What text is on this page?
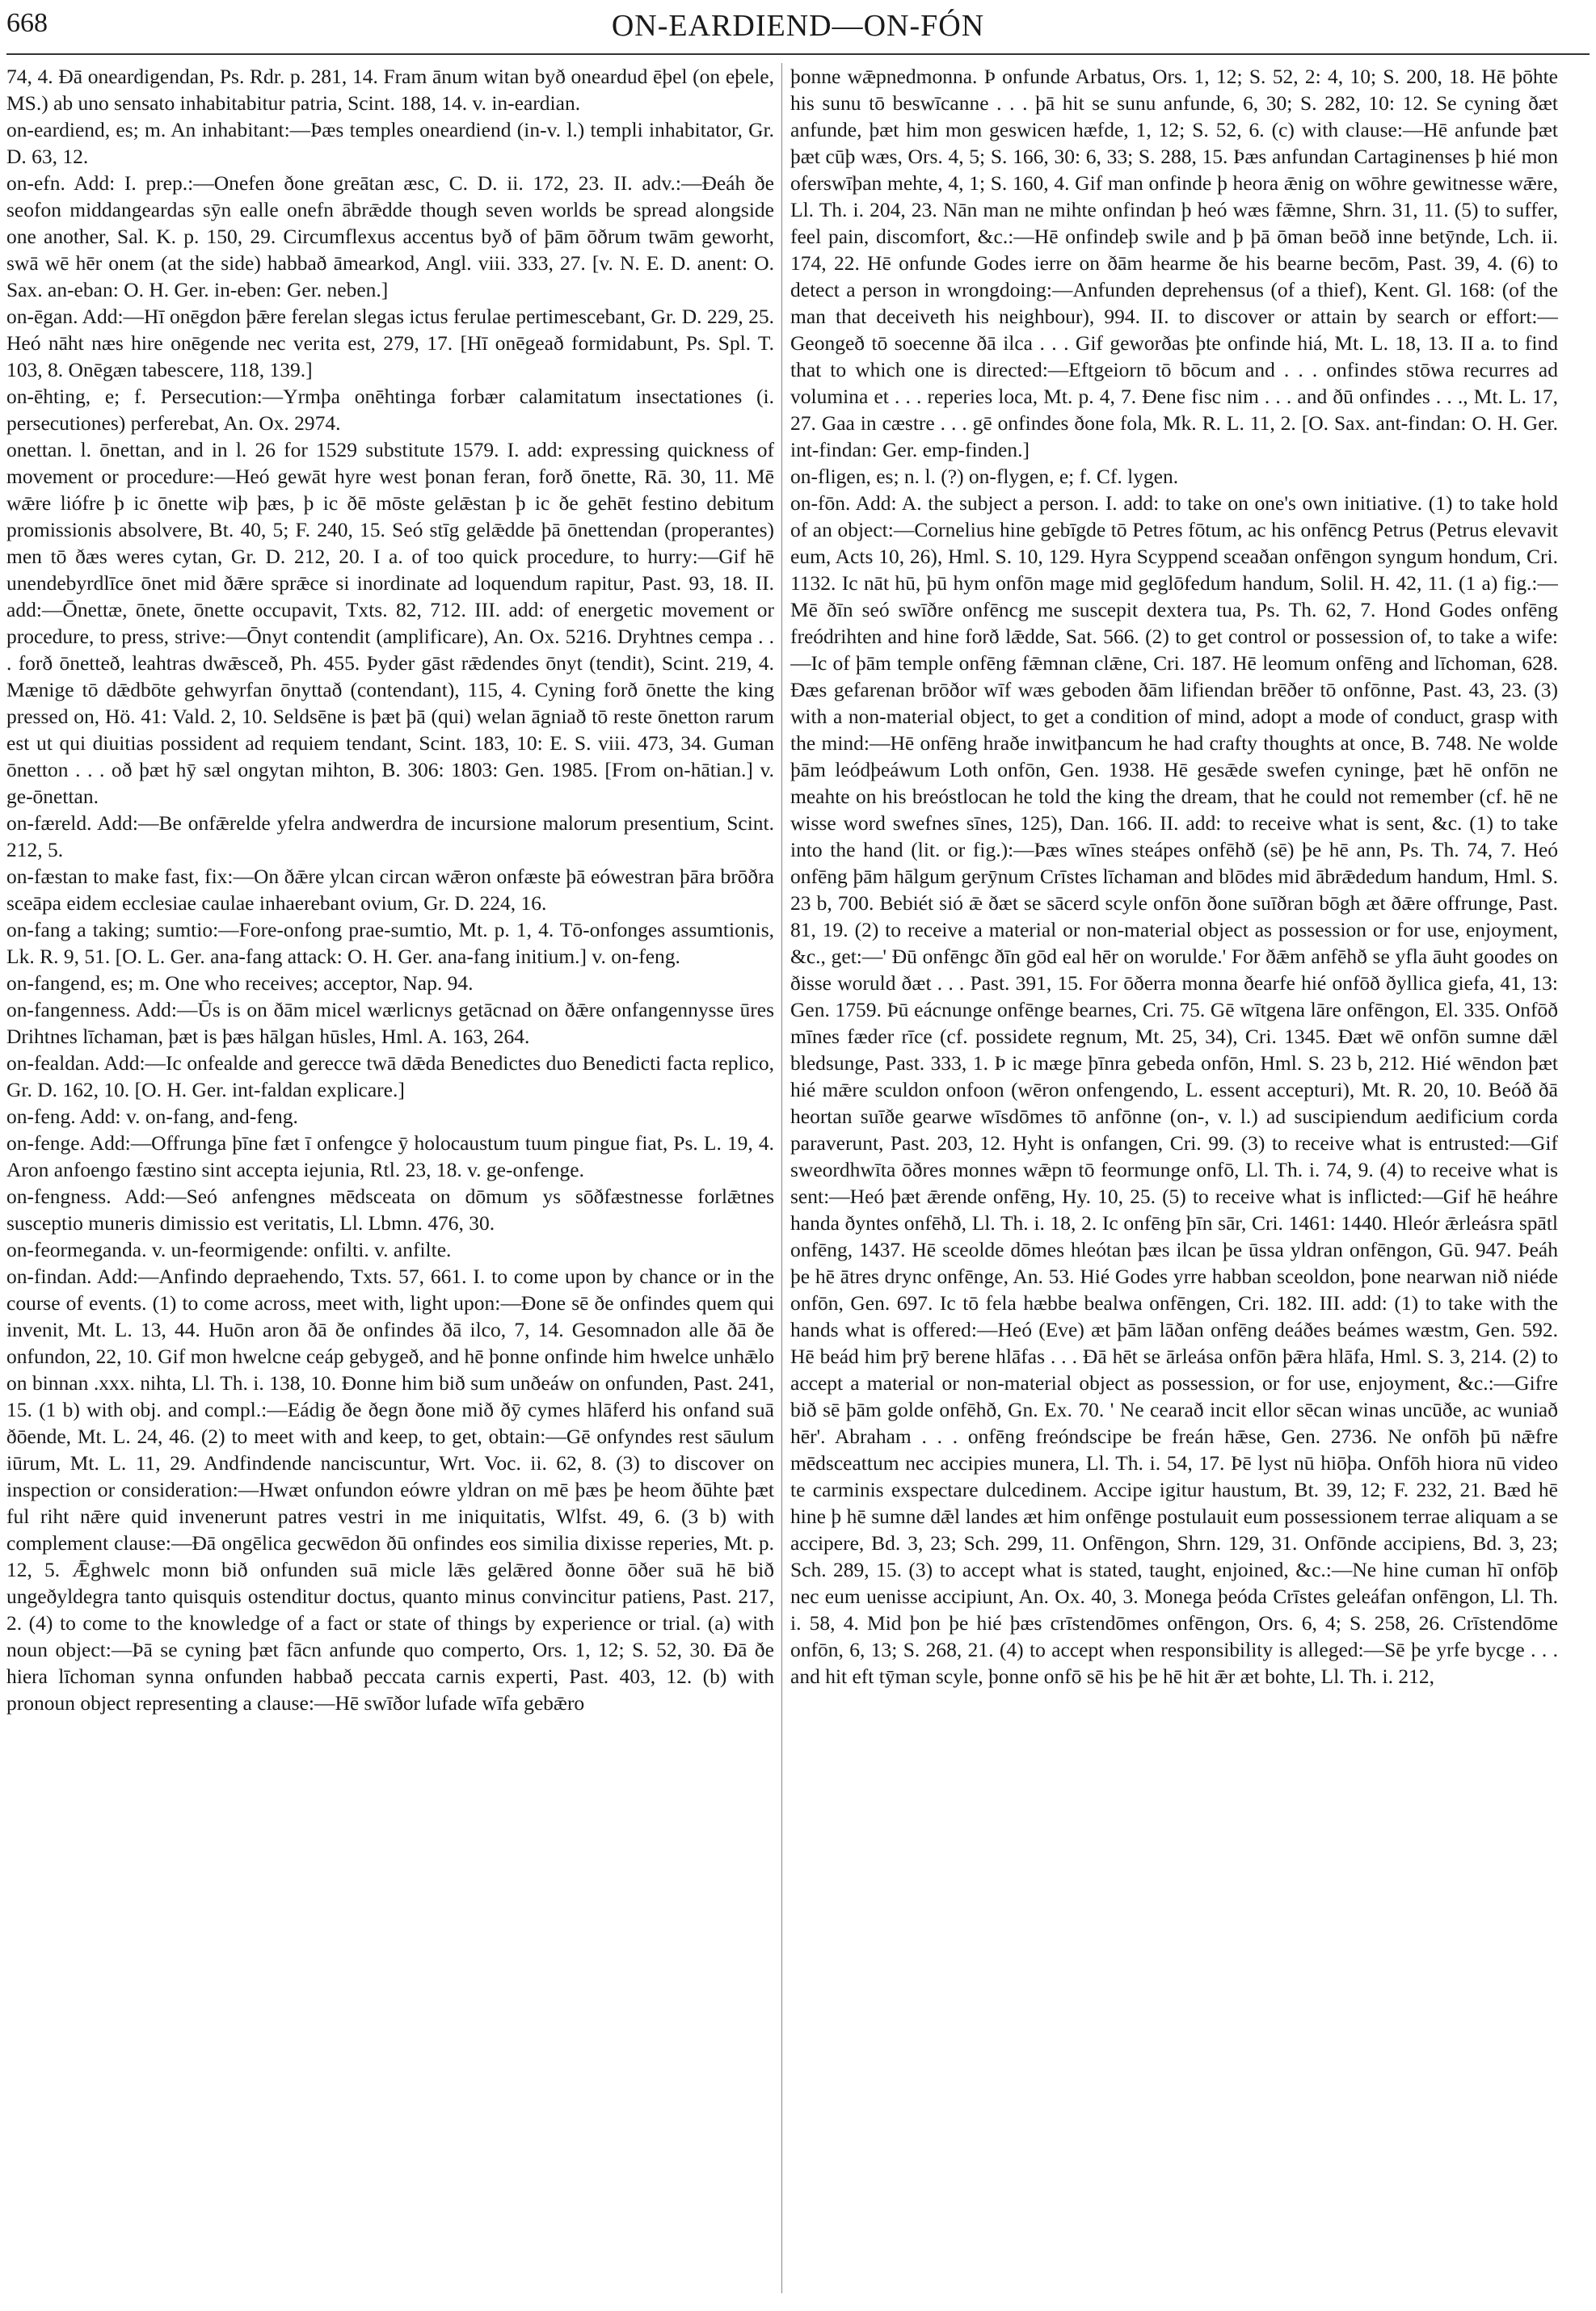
668	ON-EARDIEND—ON-FÓN

74, 4. Ðā oneardigendan, Ps. Rdr. p. 281, 14. Fram ānum witan byð oneardud ēþel (on eþele, MS.) ab uno sensato inhabitabitur patria, Scint. 188, 14. v. in-eardian.

on-eardiend, es; m. An inhabitant:—Þæs temples oneardiend (in-v. l.) templi inhabitator, Gr. D. 63, 12.

on-efn. Add: I. prep.:—Onefen ðone greātan æsc, C. D. ii. 172, 23. II. adv.:—Ðeáh ðe seofon middangeardas sȳn ealle onefn ābrǣdde though seven worlds be spread alongside one another, Sal. K. p. 150, 29. Circumflexus accentus byð of þām ōðrum twām geworht, swā wē hēr onem (at the side) habbað āmearkod, Angl. viii. 333, 27. [v. N. E. D. anent: O. Sax. an-eban: O. H. Ger. in-eben: Ger. neben.]

on-ēgan. Add:—Hī onēgdon þǣre ferelan slegas ictus ferulae pertimescebant, Gr. D. 229, 25. Heó nāht næs hire onēgende nec verita est, 279, 17. [Hī onēgeað formidabunt, Ps. Spl. T. 103, 8. Onēgæn tabescere, 118, 139.]

on-ēhting, e; f. Persecution:—Yrmþa onēhtinga forbær calamitatum insectationes (i. persecutiones) perferebat, An. Ox. 2974.

onettan. l. ōnettan, and in l. 26 for 1529 substitute 1579. I. add: expressing quickness of movement or procedure:—Heó gewāt hyre west þonan feran, forð ōnette, Rā. 30, 11. Mē wǣre liófre þ ic ōnette wiþ þæs, þ ic ðē mōste gelǣstan þ ic ðe gehēt festino debitum promissionis absolvere, Bt. 40, 5; F. 240, 15. Seó stīg gelǣdde þā ōnettendan (properantes) men tō ðæs weres cytan, Gr. D. 212, 20. I a. of too quick procedure, to hurry:—Gif hē unendebyrdlīce ōnet mid ðǣre sprǣce si inordinate ad loquendum rapitur, Past. 93, 18. II. add:—Ōnettæ, ōnete, ōnette occupavit, Txts. 82, 712. III. add: of energetic movement or procedure, to press, strive:—Ōnyt contendit (amplificare), An. Ox. 5216. Dryhtnes cempa . . . forð ōnetteð, leahtras dwǣsceð, Ph. 455. Þyder gāst rǣdendes ōnyt (tendit), Scint. 219, 4. Mænige tō dǣdbōte gehwyrfan ōnyttað (contendant), 115, 4. Cyning forð ōnette the king pressed on, Hö. 41: Vald. 2, 10. Seldsēne is þæt þā (qui) welan āgniað tō reste ōnetton rarum est ut qui diuitias possident ad requiem tendant, Scint. 183, 10: E. S. viii. 473, 34. Guman ōnetton . . . oð þæt hȳ sæl ongytan mihton, B. 306: 1803: Gen. 1985. [From on-hātian.] v. ge-ōnettan.

on-færeld. Add:—Be onfǣrelde yfelra andwerdra de incursione malorum presentium, Scint. 212, 5.

on-fæstan to make fast, fix:—On ðǣre ylcan circan wǣron onfæste þā eówestran þāra brōðra sceāpa eidem ecclesiae caulae inhaerebant ovium, Gr. D. 224, 16.

on-fang a taking; sumtio:—Fore-onfong prae-sumtio, Mt. p. 1, 4. Tō-onfonges assumtionis, Lk. R. 9, 51. [O. L. Ger. ana-fang attack: O. H. Ger. ana-fang initium.] v. on-feng.

on-fangend, es; m. One who receives; acceptor, Nap. 94.

on-fangenness. Add:—Ūs is on ðām micel wærlicnys getācnad on ðǣre onfangennysse ūres Drihtnes līchaman, þæt is þæs hālgan hūsles, Hml. A. 163, 264.

on-fealdan. Add:—Ic onfealde and gerecce twā dǣda Benedictes duo Benedicti facta replico, Gr. D. 162, 10. [O. H. Ger. int-faldan explicare.]

on-feng. Add: v. on-fang, and-feng.

on-fenge. Add:—Offrunga þīne fæt ī onfengce ȳ holocaustum tuum pingue fiat, Ps. L. 19, 4. Aron anfoengo fæstino sint accepta iejunia, Rtl. 23, 18. v. ge-onfenge.

on-fengness. Add:—Seó anfengnes mēdsceata on dōmum ys sōðfæstnesse forlǣtnes susceptio muneris dimissio est veritatis, Ll. Lbmn. 476, 30.

on-feormeganda. v. un-feormigende: onfilti. v. anfilte.

on-findan. Add:—Anfindo depraehendo, Txts. 57, 661. I. to come upon by chance or in the course of events. (1) to come across, meet with, light upon:—Ðone sē ðe onfindes quem qui invenit, Mt. L. 13, 44. Huōn aron ðā ðe onfindes ðā ilco, 7, 14. Gesomnadon alle ðā ðe onfundon, 22, 10. Gif mon hwelcne ceáp gebygeð, and hē þonne onfinde him hwelce unhǣlo on binnan .xxx. nihta, Ll. Th. i. 138, 10. Ðonne him bið sum unðeáw on onfunden, Past. 241, 15. (1 b) with obj. and compl.:—Eádig ðe ðegn ðone mið ðȳ cymes hlāferd his onfand suā ðōende, Mt. L. 24, 46. (2) to meet with and keep, to get, obtain:—Gē onfyndes rest sāulum iūrum, Mt. L. 11, 29. Andfindende nanciscuntur, Wrt. Voc. ii. 62, 8. (3) to discover on inspection or consideration:—Hwæt onfundon eówre yldran on mē þæs þe heom ðūhte þæt ful riht nǣre quid invenerunt patres vestri in me iniquitatis, Wlfst. 49, 6. (3 b) with complement clause:—Ðā ongēlica gecwēdon ðū onfindes eos similia dixisse reperies, Mt. p. 12, 5. Ǣghwelc monn bið onfunden suā micle lǣs gelǣred ðonne ōðer suā hē bið ungeðyldegra tanto quisquis ostenditur doctus, quanto minus convincitur patiens, Past. 217, 2. (4) to come to the knowledge of a fact or state of things by experience or trial. (a) with noun object:—Þā se cyning þæt fācn anfunde quo comperto, Ors. 1, 12; S. 52, 30. Ðā ðe hiera līchoman synna onfunden habbað peccata carnis experti, Past. 403, 12. (b) with pronoun object representing a clause:—Hē swīðor lufade wīfa gebǣro

þonne wǣpnedmonna. Þ onfunde Arbatus, Ors. 1, 12; S. 52, 2: 4, 10; S. 200, 18. Hē þōhte his sunu tō beswīcanne . . . þā hit se sunu anfunde, 6, 30; S. 282, 10: 12. Se cyning ðæt anfunde, þæt him mon geswicen hæfde, 1, 12; S. 52, 6. (c) with clause:—Hē anfunde þæt þæt cūþ wæs, Ors. 4, 5; S. 166, 30: 6, 33; S. 288, 15. Þæs anfundan Cartaginenses þ hié mon oferswīþan mehte, 4, 1; S. 160, 4. Gif man onfinde þ heora ǣnig on wōhre gewitnesse wǣre, Ll. Th. i. 204, 23. Nān man ne mihte onfindan þ heó wæs fǣmne, Shrn. 31, 11. (5) to suffer, feel pain, discomfort, &c.:—Hē onfindeþ swile and þ þā ōman beōð inne betȳnde, Lch. ii. 174, 22. Hē onfunde Godes ierre on ðām hearme ðe his bearne becōm, Past. 39, 4. (6) to detect a person in wrongdoing:—Anfunden deprehensus (of a thief), Kent. Gl. 168: (of the man that deceiveth his neighbour), 994. II. to discover or attain by search or effort:—Geongeð tō soecenne ðā ilca . . . Gif geworðas þte onfinde hiá, Mt. L. 18, 13. II a. to find that to which one is directed:—Eftgeiorn tō bōcum and . . . onfindes stōwa recurres ad volumina et . . . reperies loca, Mt. p. 4, 7. Ðene fisc nim . . . and ðū onfindes . . ., Mt. L. 17, 27. Gaa in cæstre . . . gē onfindes ðone fola, Mk. R. L. 11, 2. [O. Sax. ant-findan: O. H. Ger. int-findan: Ger. emp-finden.]

on-fligen, es; n. l. (?) on-flygen, e; f. Cf. lygen.

on-fōn. Add: A. the subject a person. I. add: to take on one's own initiative. (1) to take hold of an object:—Cornelius hine gebīgde tō Petres fōtum, ac his onfēncg Petrus (Petrus elevavit eum, Acts 10, 26), Hml. S. 10, 129. Hyra Scyppend sceaðan onfēngon syngum hondum, Cri. 1132. Ic nāt hū, þū hym onfōn mage mid geglōfedum handum, Solil. H. 42, 11. (1 a) fig.:—Mē ðīn seó swīðre onfēncg me suscepit dextera tua, Ps. Th. 62, 7. Hond Godes onfēng freódrihten and hine forð lǣdde, Sat. 566. (2) to get control or possession of, to take a wife:—Ic of þām temple onfēng fǣmnan clǣne, Cri. 187. Hē leomum onfēng and līchoman, 628. Ðæs gefarenan brōðor wīf wæs geboden ðām lifiendan brēðer tō onfōnne, Past. 43, 23. (3) with a non-material object, to get a condition of mind, adopt a mode of conduct, grasp with the mind:—Hē onfēng hraðe inwitþancum he had crafty thoughts at once, B. 748. Ne wolde þām leódþeáwum Loth onfōn, Gen. 1938. Hē gesǣde swefen cyninge, þæt hē onfōn ne meahte on his breóstlocan he told the king the dream, that he could not remember (cf. hē ne wisse word swefnes sīnes, 125), Dan. 166. II. add: to receive what is sent, &c. (1) to take into the hand (lit. or fig.):—Þæs wīnes steápes onfēhð (sē) þe hē ann, Ps. Th. 74, 7. Heó onfēng þām hālgum gerȳnum Crīstes līchaman and blōdes mid ābrǣdedum handum, Hml. S. 23 b, 700. Bebiét sió ǣ ðæt se sācerd scyle onfōn ðone suīðran bōgh æt ðǣre offrunge, Past. 81, 19. (2) to receive a material or non-material object as possession or for use, enjoyment, &c., get:—' Ðū onfēngc ðīn gōd eal hēr on worulde.' For ðǣm anfēhð se yfla āuht goodes on ðisse woruld ðæt . . . Past. 391, 15. For ōðerra monna ðearfe hié onfōð ðyllica giefa, 41, 13: Gen. 1759. Þū eácnunge onfēnge bearnes, Cri. 75. Gē wītgena lāre onfēngon, El. 335. Onfōð mīnes fæder rīce (cf. possidete regnum, Mt. 25, 34), Cri. 1345. Ðæt wē onfōn sumne dǣl bledsunge, Past. 333, 1. Þ ic mæge þīnra gebeda onfōn, Hml. S. 23 b, 212. Hié wēndon þæt hié mǣre sculdon onfoon (wēron onfengendo, L. essent accepturi), Mt. R. 20, 10. Beóð ðā heortan suīðe gearwe wīsdōmes tō anfōnne (on-, v. l.) ad suscipiendum aedificium corda paraverunt, Past. 203, 12. Hyht is onfangen, Cri. 99. (3) to receive what is entrusted:—Gif sweordhwīta ōðres monnes wǣpn tō feormunge onfō, Ll. Th. i. 74, 9. (4) to receive what is sent:—Heó þæt ǣrende onfēng, Hy. 10, 25. (5) to receive what is inflicted:—Gif hē heáhre handa ðyntes onfēhð, Ll. Th. i. 18, 2. Ic onfēng þīn sār, Cri. 1461: 1440. Hleór ǣrleásra spātl onfēng, 1437. Hē sceolde dōmes hleótan þæs ilcan þe ūssa yldran onfēngon, Gū. 947. Þeáh þe hē ātres drync onfēnge, An. 53. Hié Godes yrre habban sceoldon, þone nearwan nið niéde onfōn, Gen. 697. Ic tō fela hæbbe bealwa onfēngen, Cri. 182. III. add: (1) to take with the hands what is offered:—Heó (Eve) æt þām lāðan onfēng deáðes beámes wæstm, Gen. 592. Hē beád him þrȳ berene hlāfas . . . Ðā hēt se ārleása onfōn þǣra hlāfa, Hml. S. 3, 214. (2) to accept a material or non-material object as possession, or for use, enjoyment, &c.:—Gifre bið sē þām golde onfēhð, Gn. Ex. 70. ' Ne cearað incit ellor sēcan winas uncūðe, ac wuniað hēr'. Abraham . . . onfēng freóndscipe be freán hǣse, Gen. 2736. Ne onfōh þū nǣfre mēdsceattum nec accipies munera, Ll. Th. i. 54, 17. Þē lyst nū hiōþa. Onfōh hiora nū video te carminis exspectare dulcedinem. Accipe igitur haustum, Bt. 39, 12; F. 232, 21. Bæd hē hine þ hē sumne dǣl landes æt him onfēnge postulauit eum possessionem terrae aliquam a se accipere, Bd. 3, 23; Sch. 299, 11. Onfēngon, Shrn. 129, 31. Onfōnde accipiens, Bd. 3, 23; Sch. 289, 15. (3) to accept what is stated, taught, enjoined, &c.:—Ne hine cuman hī onfōþ nec eum uenisse accipiunt, An. Ox. 40, 3. Monega þeóda Crīstes geleáfan onfēngon, Ll. Th. i. 58, 4. Mid þon þe hié þæs crīstendōmes onfēngon, Ors. 6, 4; S. 258, 26. Crīstendōme onfōn, 6, 13; S. 268, 21. (4) to accept when responsibility is alleged:—Sē þe yrfe bycge . . . and hit eft tȳman scyle, þonne onfō sē his þe hē hit ǣr æt bohte, Ll. Th. i. 212,
